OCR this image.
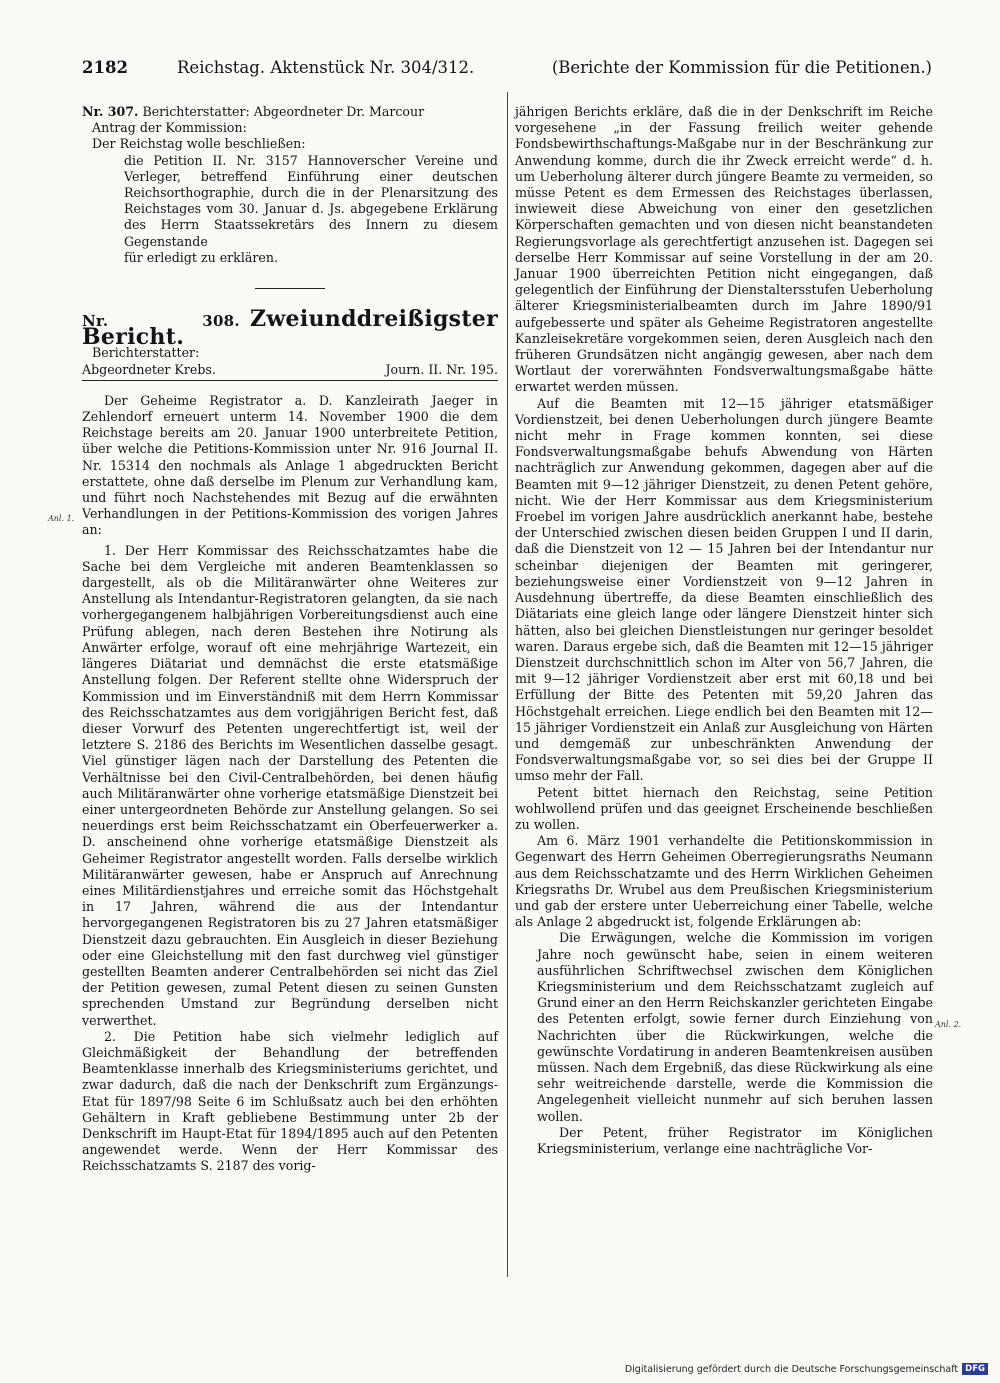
2182	Reichstag. Aktenstück Nr. 304/312.	(Berichte der Kommission für die Petitionen.)

Nr. 307. Berichterstatter: Abgeordneter Dr. Marcour

Antrag der Kommission:

Der Reichstag wolle beschließen:

die Petition II. Nr. 3157 Hannoverscher Vereine und Verleger, betreffend Einführung einer deutschen Reichsorthographie, durch die in der Plenarsitzung des Reichstages vom 30. Januar d. Js. abgegebene Erklärung des Herrn Staatssekretärs des Innern zu diesem Gegenstande

für erledigt zu erklären.

Nr. 308. Zweiunddreißigster Bericht.

Berichterstatter:

Abgeordneter Krebs.	Journ. II. Nr. 195.

Der Geheime Registrator a. D. Kanzleirath Jaeger in Zehlendorf erneuert unterm 14. November 1900 die dem Reichstage bereits am 20. Januar 1900 unterbreitete Petition, über welche die Petitions-Kommission unter Nr. 916 Journal II. Nr. 15314 den nochmals als Anlage 1 abgedruckten Bericht erstattete, ohne daß derselbe im Plenum zur Verhandlung kam, und führt noch Nachstehendes mit Bezug auf die erwähnten Verhandlungen in der Petitions-Kommission des vorigen Jahres an:

1. Der Herr Kommissar des Reichsschatzamtes habe die Sache bei dem Vergleiche mit anderen Beamtenklassen so dargestellt, als ob die Militäranwärter ohne Weiteres zur Anstellung als Intendantur-Registratoren gelangten, da sie nach vorhergegangenem halbjährigen Vorbereitungsdienst auch eine Prüfung ablegen, nach deren Bestehen ihre Notirung als Anwärter erfolge, worauf oft eine mehrjährige Wartezeit, ein längeres Diätariat und demnächst die erste etatsmäßige Anstellung folgen. Der Referent stellte ohne Widerspruch der Kommission und im Einverständniß mit dem Herrn Kommissar des Reichsschatzamtes aus dem vorigjährigen Bericht fest, daß dieser Vorwurf des Petenten ungerechtfertigt ist, weil der letztere S. 2186 des Berichts im Wesentlichen dasselbe gesagt. Viel günstiger lägen nach der Darstellung des Petenten die Verhältnisse bei den Civil-Centralbehörden, bei denen häufig auch Militäranwärter ohne vorherige etatsmäßige Dienstzeit bei einer untergeordneten Behörde zur Anstellung gelangen. So sei neuerdings erst beim Reichsschatzamt ein Oberfeuerwerker a. D. anscheinend ohne vorherige etatsmäßige Dienstzeit als Geheimer Registrator angestellt worden. Falls derselbe wirklich Militäranwärter gewesen, habe er Anspruch auf Anrechnung eines Militärdienstjahres und erreiche somit das Höchstgehalt in 17 Jahren, während die aus der Intendantur hervorgegangenen Registratoren bis zu 27 Jahren etatsmäßiger Dienstzeit dazu gebrauchten. Ein Ausgleich in dieser Beziehung oder eine Gleichstellung mit den fast durchweg viel günstiger gestellten Beamten anderer Centralbehörden sei nicht das Ziel der Petition gewesen, zumal Petent diesen zu seinen Gunsten sprechenden Umstand zur Begründung derselben nicht verwerthet.

2. Die Petition habe sich vielmehr lediglich auf Gleichmäßigkeit der Behandlung der betreffenden Beamtenklasse innerhalb des Kriegsministeriums gerichtet, und zwar dadurch, daß die nach der Denkschrift zum Ergänzungs-Etat für 1897/98 Seite 6 im Schlußsatz auch bei den erhöhten Gehältern in Kraft gebliebene Bestimmung unter 2b der Denkschrift im Haupt-Etat für 1894/1895 auch auf den Petenten angewendet werde. Wenn der Herr Kommissar des Reichsschatzamts S. 2187 des vorig-

Anl. 1.

jährigen Berichts erkläre, daß die in der Denkschrift im Reiche vorgesehene „in der Fassung freilich weiter gehende Fondsbewirthschaftungs-Maßgabe nur in der Beschränkung zur Anwendung komme, durch die ihr Zweck erreicht werde“ d. h. um Ueberholung älterer durch jüngere Beamte zu vermeiden, so müsse Petent es dem Ermessen des Reichstages überlassen, inwieweit diese Abweichung von einer den gesetzlichen Körperschaften gemachten und von diesen nicht beanstandeten Regierungsvorlage als gerechtfertigt anzusehen ist. Dagegen sei derselbe Herr Kommissar auf seine Vorstellung in der am 20. Januar 1900 überreichten Petition nicht eingegangen, daß gelegentlich der Einführung der Dienstaltersstufen Ueberholung älterer Kriegsministerialbeamten durch im Jahre 1890/91 aufgebesserte und später als Geheime Registratoren angestellte Kanzleisekretäre vorgekommen seien, deren Ausgleich nach den früheren Grundsätzen nicht angängig gewesen, aber nach dem Wortlaut der vorerwähnten Fondsverwaltungsmaßgabe hätte erwartet werden müssen.

Auf die Beamten mit 12—15 jähriger etatsmäßiger Vordienstzeit, bei denen Ueberholungen durch jüngere Beamte nicht mehr in Frage kommen konnten, sei diese Fondsverwaltungsmaßgabe behufs Abwendung von Härten nachträglich zur Anwendung gekommen, dagegen aber auf die Beamten mit 9—12 jähriger Dienstzeit, zu denen Petent gehöre, nicht. Wie der Herr Kommissar aus dem Kriegsministerium Froebel im vorigen Jahre ausdrücklich anerkannt habe, bestehe der Unterschied zwischen diesen beiden Gruppen I und II darin, daß die Dienstzeit von 12 — 15 Jahren bei der Intendantur nur scheinbar diejenigen der Beamten mit geringerer, beziehungsweise einer Vordienstzeit von 9—12 Jahren in Ausdehnung übertreffe, da diese Beamten einschließlich des Diätariats eine gleich lange oder längere Dienstzeit hinter sich hätten, also bei gleichen Dienstleistungen nur geringer besoldet waren. Daraus ergebe sich, daß die Beamten mit 12—15 jähriger Dienstzeit durchschnittlich schon im Alter von 56,7 Jahren, die mit 9—12 jähriger Vordienstzeit aber erst mit 60,18 und bei Erfüllung der Bitte des Petenten mit 59,20 Jahren das Höchstgehalt erreichen. Liege endlich bei den Beamten mit 12—15 jähriger Vordienstzeit ein Anlaß zur Ausgleichung von Härten und demgemäß zur unbeschränkten Anwendung der Fondsverwaltungsmaßgabe vor, so sei dies bei der Gruppe II umso mehr der Fall.

Petent bittet hiernach den Reichstag, seine Petition wohlwollend prüfen und das geeignet Erscheinende beschließen zu wollen.

Am 6. März 1901 verhandelte die Petitionskommission in Gegenwart des Herrn Geheimen Oberregierungsraths Neumann aus dem Reichsschatzamte und des Herrn Wirklichen Geheimen Kriegsraths Dr. Wrubel aus dem Preußischen Kriegsministerium und gab der erstere unter Ueberreichung einer Tabelle, welche als Anlage 2 abgedruckt ist, folgende Erklärungen ab:

Die Erwägungen, welche die Kommission im vorigen Jahre noch gewünscht habe, seien in einem weiteren ausführlichen Schriftwechsel zwischen dem Königlichen Kriegsministerium und dem Reichsschatzamt zugleich auf Grund einer an den Herrn Reichskanzler gerichteten Eingabe des Petenten erfolgt, sowie ferner durch Einziehung von Nachrichten über die Rückwirkungen, welche die gewünschte Vordatirung in anderen Beamtenkreisen ausüben müssen. Nach dem Ergebniß, das diese Rückwirkung als eine sehr weitreichende darstelle, werde die Kommission die Angelegenheit vielleicht nunmehr auf sich beruhen lassen wollen.

Der Petent, früher Registrator im Königlichen Kriegsministerium, verlange eine nachträgliche Vor-

Anl. 2.
Digitalisierung gefördert durch die Deutsche Forschungsgemeinschaft DFG
